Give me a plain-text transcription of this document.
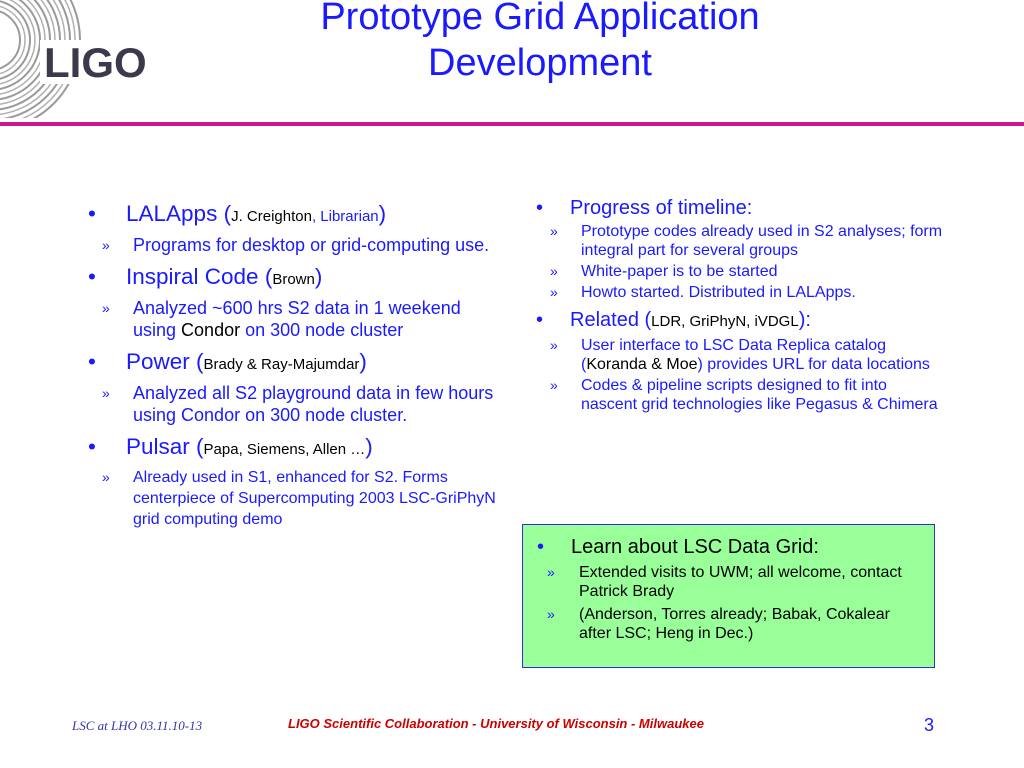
LIGO
Prototype Grid Application
Development
• LALApps (J. Creighton, Librarian)
» Programs for desktop or grid-computing use.
• Inspiral Code (Brown)
» Analyzed ~600 hrs S2 data in 1 weekend using Condor on 300 node cluster
• Power (Brady & Ray-Majumdar)
» Analyzed all S2 playground data in few hours using Condor on 300 node cluster.
• Pulsar (Papa, Siemens, Allen …)
» Already used in S1, enhanced for S2. Forms centerpiece of Supercomputing 2003 LSC-GriPhyN grid computing demo
• Progress of timeline:
» Prototype codes already used in S2 analyses; form integral part for several groups
» White-paper is to be started
» Howto started. Distributed in LALApps.
• Related (LDR, GriPhyN, iVDGL):
» User interface to LSC Data Replica catalog (Koranda & Moe) provides URL for data locations
» Codes & pipeline scripts designed to fit into nascent grid technologies like Pegasus & Chimera
• Learn about LSC Data Grid:
» Extended visits to UWM; all welcome, contact Patrick Brady
» (Anderson, Torres already; Babak, Cokalear after LSC; Heng in Dec.)
LSC at LHO 03.11.10-13	LIGO Scientific Collaboration - University of Wisconsin - Milwaukee	3
